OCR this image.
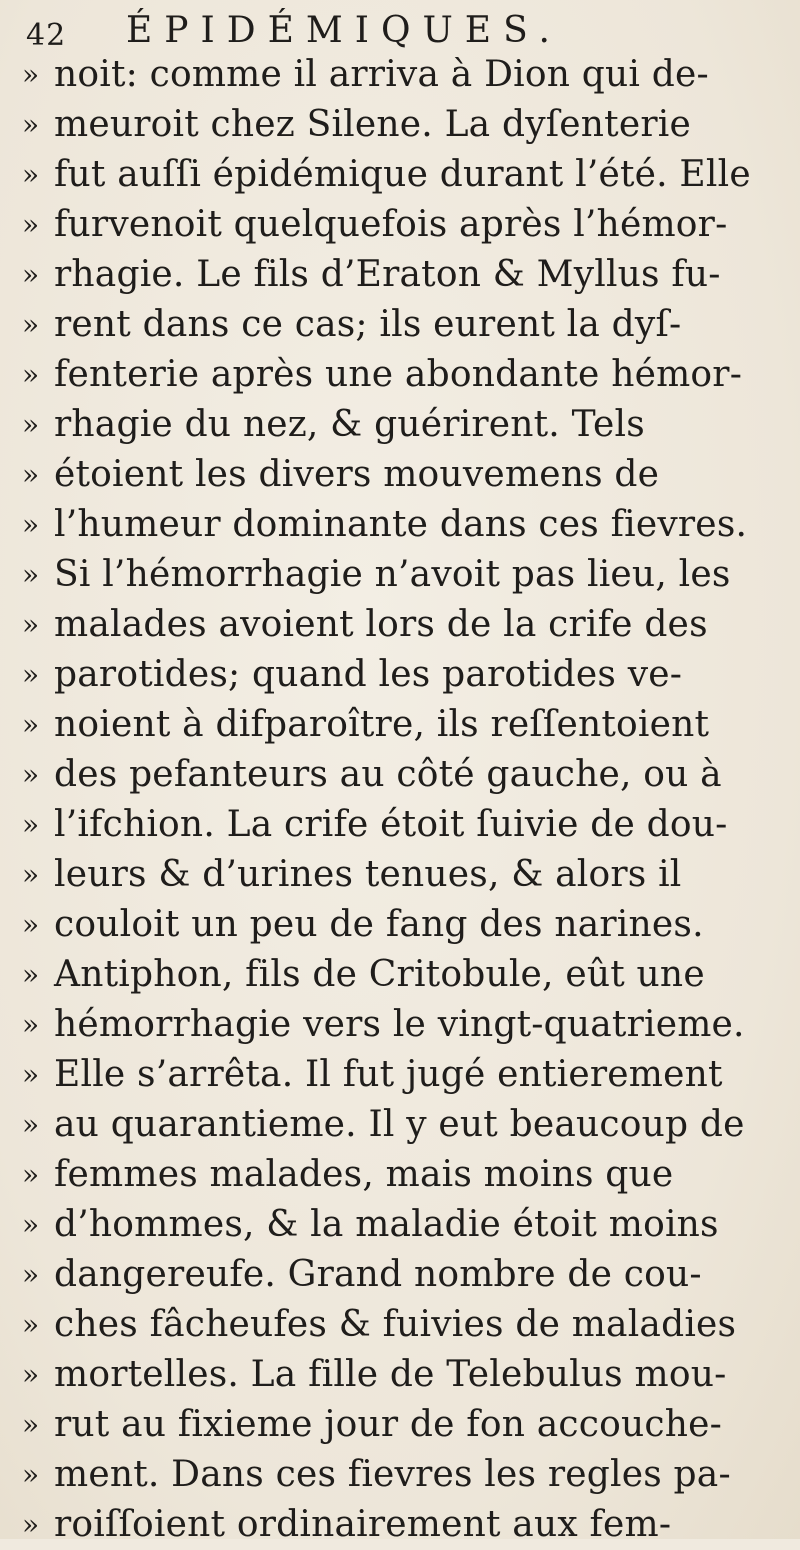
42 ÉPIDÉMIQUES.
» noit: comme il arriva à Dion qui de-
» meuroit chez Silene. La dyſenterie
» fut auſſi épidémique durant l’été. Elle
» furvenoit quelquefois après l’hémor-
» rhagie. Le fils d’Eraton & Myllus fu-
» rent dans ce cas; ils eurent la dyſ-
» fenterie après une abondante hémor-
» rhagie du nez, & guérirent. Tels
» étoient les divers mouvemens de
» l’humeur dominante dans ces fievres.
» Si l’hémorrhagie n’avoit pas lieu, les
» malades avoient lors de la crife des
» parotides; quand les parotides ve-
» noient à difparoître, ils reſſentoient
» des pefanteurs au côté gauche, ou à
» l’ifchion. La crife étoit ſuivie de dou-
» leurs & d’urines tenues, & alors il
» couloit un peu de fang des narines.
» Antiphon, fils de Critobule, eût une
» hémorrhagie vers le vingt-quatrieme.
» Elle s’arrêta. Il fut jugé entierement
» au quarantieme. Il y eut beaucoup de
» femmes malades, mais moins que
» d’hommes, & la maladie étoit moins
» dangereufe. Grand nombre de cou-
» ches fâcheufes & fuivies de maladies
» mortelles. La fille de Telebulus mou-
» rut au fixieme jour de fon accouche-
» ment. Dans ces fievres les regles pa-
» roiſſoient ordinairement aux fem-
